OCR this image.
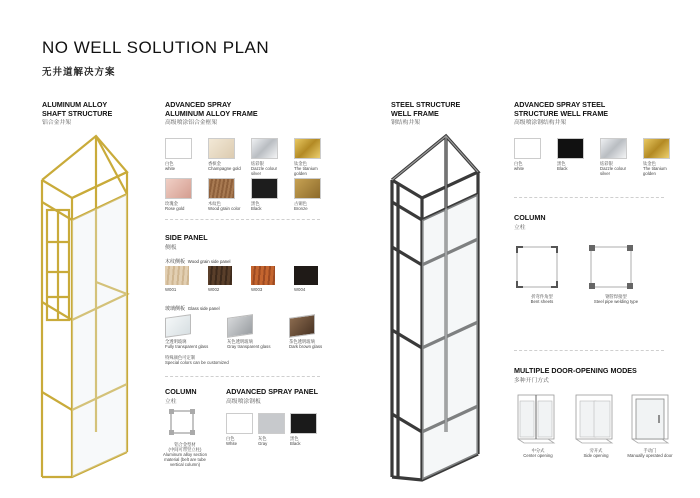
NO WELL SOLUTION PLAN
无井道解决方案
ALUMINUM ALLOY
SHAFT STRUCTURE
铝合金井架
ADVANCED SPRAY
ALUMINUM ALLOY FRAME
高级喷涂铝合金框架
白色
white
香槟金
Champagne gold
炫彩银
Dazzle colour silver
钛金色
The titanium golden
玫瑰金
Rose gold
木纹色
Wood grain color
黑色
Black
古铜色
Bronze
SIDE PANEL
侧板
木纹侧板 Wood grain side panel
W001	W002	W003	W004
玻璃侧板 Glass side panel
全透明玻璃
Fully transparent glass
灰色透明玻璃
Gray transparent glass
茶色透明玻璃
Dark brown glass
特殊颜色可定制
Special colors can be customized
COLUMN
立柱
铝合金型材
(中间可带竖立柱)
Aluminum alloy section material (belt are tube vertical column)
ADVANCED SPRAY PANEL
高级喷涂钢板
白色
White
灰色
Gray
黑色
Black
STEEL STRUCTURE
WELL FRAME
钢结构井架
ADVANCED SPRAY STEEL
STRUCTURE WELL FRAME
高级喷涂钢结构井架
白色
white
黑色
Black
炫彩银
Dazzle colour silver
钛金色
The titanium golden
COLUMN
立柱
折弯件角型
Bent sheets
钢管焊接型
Steel pipe welding type
MULTIPLE DOOR-OPENING MODES
多种开门方式
中分式
Center opening
旁开式
Side opening
手动门
Manually operated door
